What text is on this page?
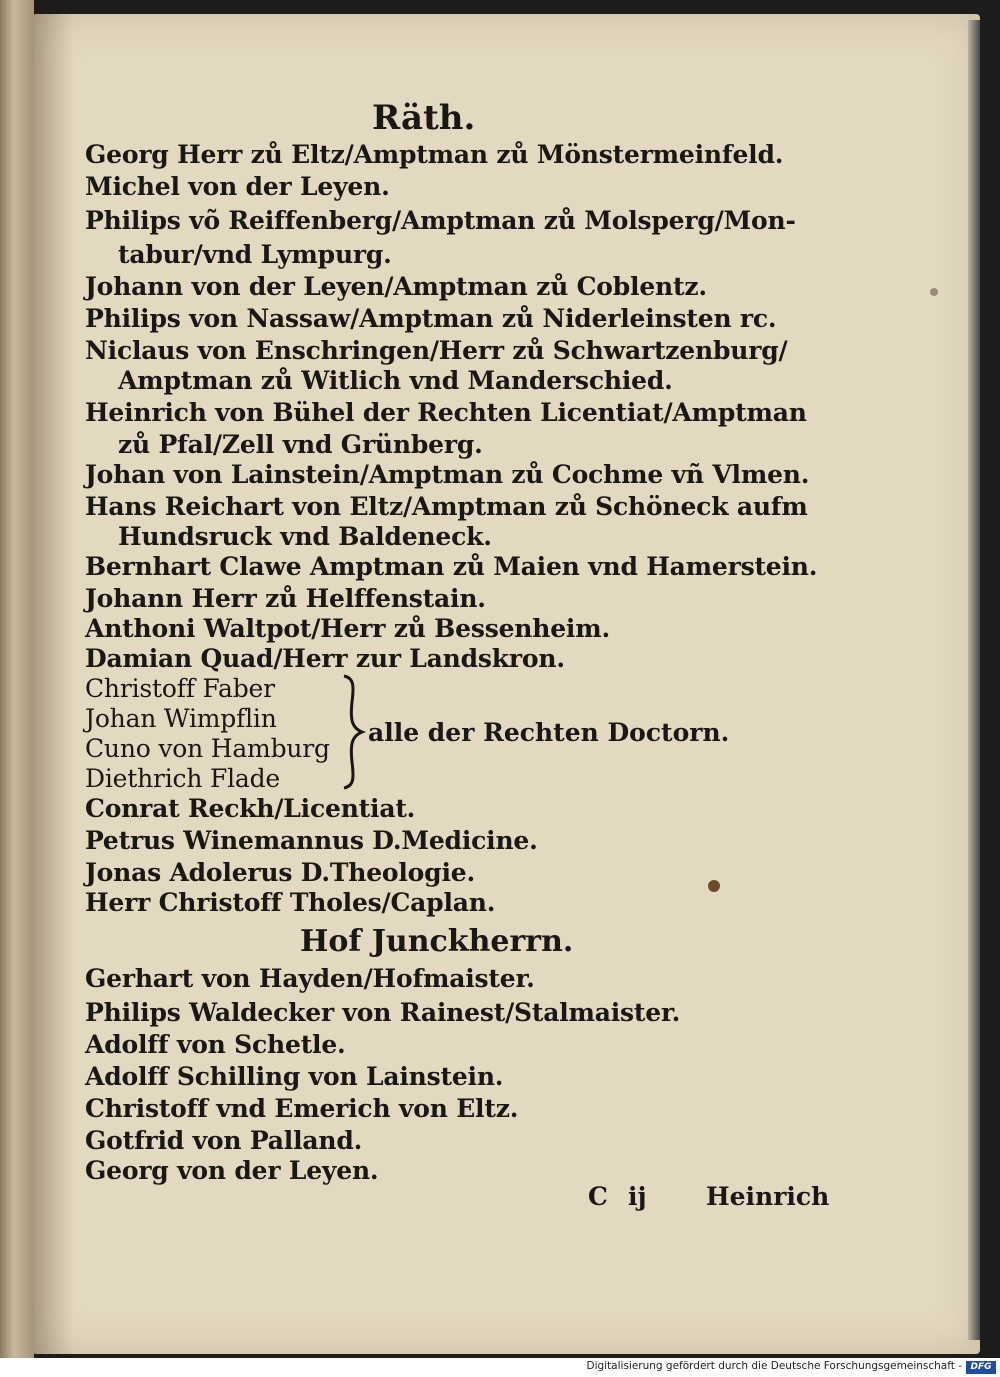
Räth.

Georg Herr zů Eltz/Amptman zů Mönstermeinfeld.

Michel von der Leyen.

Philips võ Reiffenberg/Amptman zů Molsperg/Mon-

tabur/vnd Lympurg.

Johann von der Leyen/Amptman zů Coblentz.

Philips von Nassaw/Amptman zů Niderleinsten rc.

Niclaus von Enschringen/Herr zů Schwartzenburg/

Amptman zů Witlich vnd Manderschied.

Heinrich von Bühel der Rechten Licentiat/Amptman

zů Pfal/Zell vnd Grünberg.

Johan von Lainstein/Amptman zů Cochme vñ Vlmen.

Hans Reichart von Eltz/Amptman zů Schöneck aufm

Hundsruck vnd Baldeneck.

Bernhart Clawe Amptman zů Maien vnd Hamerstein.

Johann Herr zů Helffenstain.

Anthoni Waltpot/Herr zů Bessenheim.

Damian Quad/Herr zur Landskron.

Christoff Faber

Johan Wimpflin

Cuno von Hamburg

Diethrich Flade

alle der Rechten Doctorn.

Conrat Reckh/Licentiat.

Petrus Winemannus D.Medicine.

Jonas Adolerus D.Theologie.

Herr Christoff Tholes/Caplan.

Hof Junckherrn.

Gerhart von Hayden/Hofmaister.

Philips Waldecker von Rainest/Stalmaister.

Adolff von Schetle.

Adolff Schilling von Lainstein.

Christoff vnd Emerich von Eltz.

Gotfrid von Palland.

Georg von der Leyen.

C ij Heinrich

Digitalisierung gefördert durch die Deutsche Forschungsgemeinschaft - DFG
